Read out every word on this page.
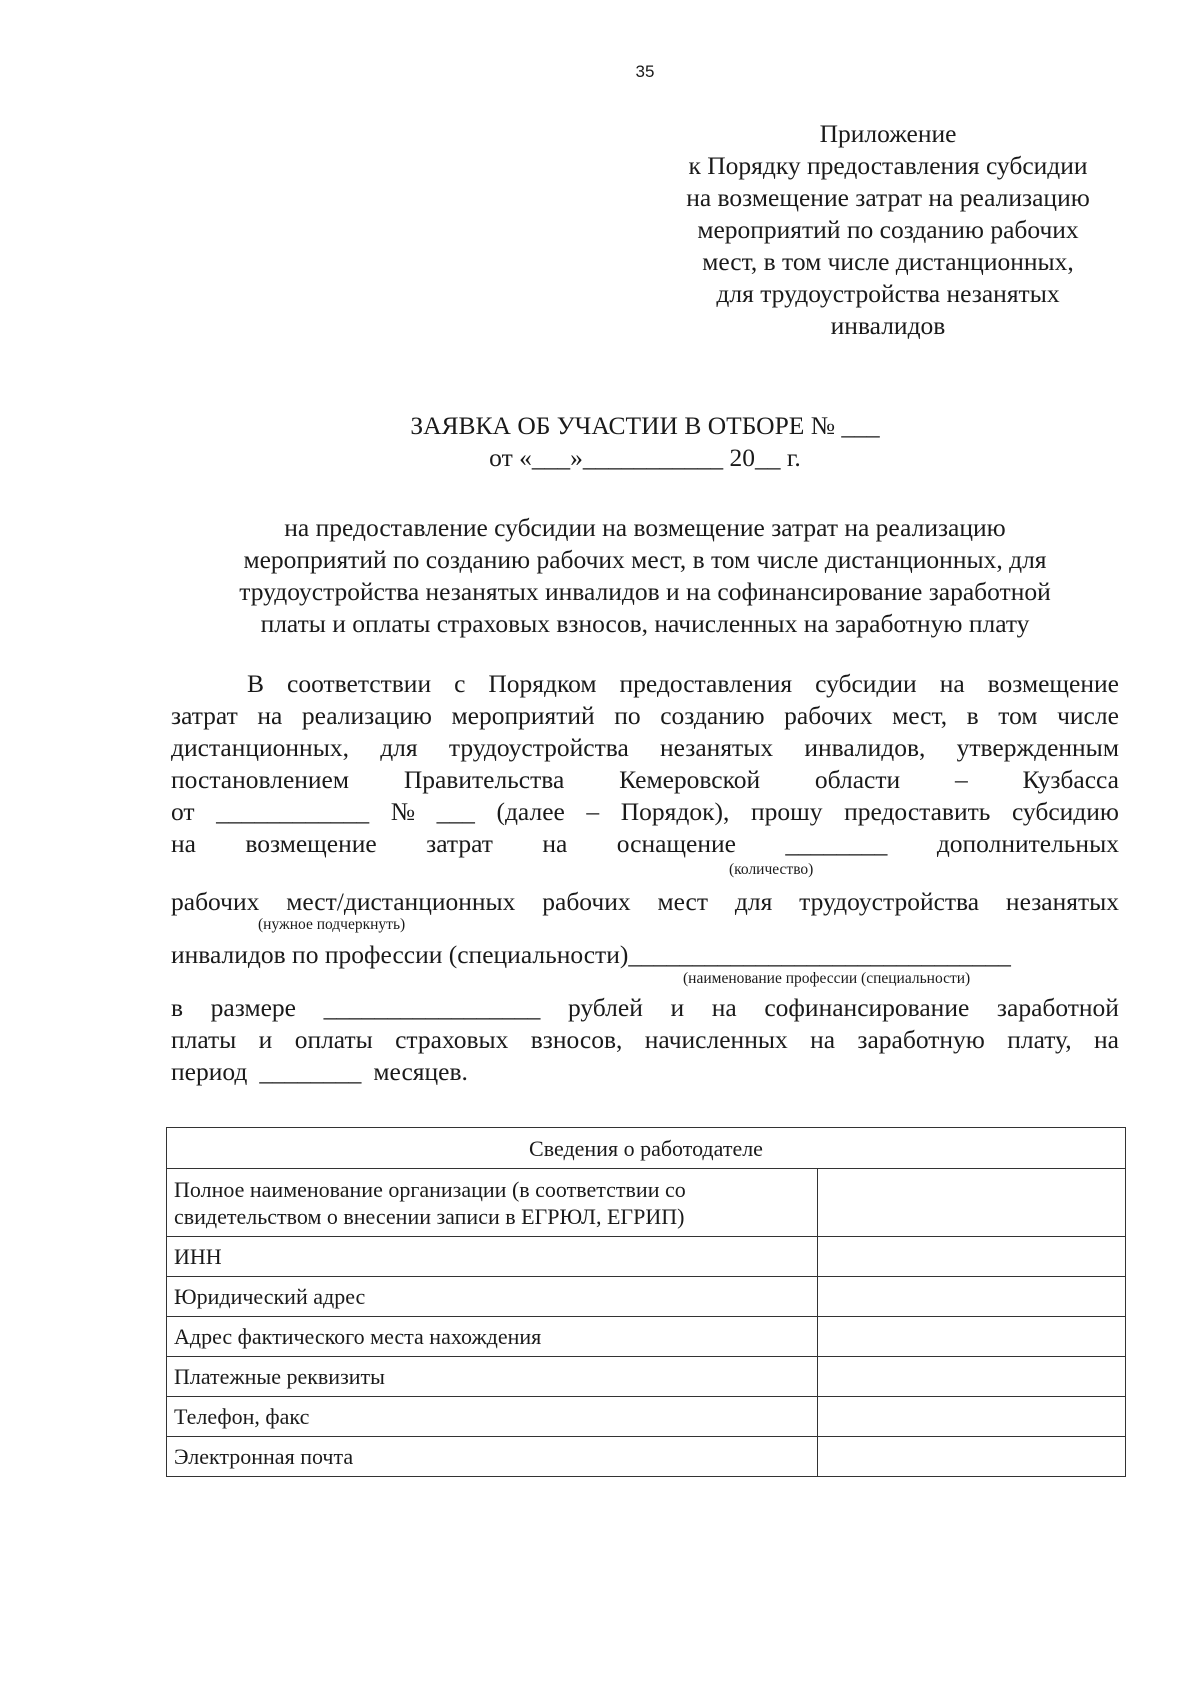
35
Приложение
к Порядку предоставления субсидии
на возмещение затрат на реализацию
мероприятий по созданию рабочих
мест, в том числе дистанционных,
для трудоустройства незанятых
инвалидов
ЗАЯВКА ОБ УЧАСТИИ В ОТБОРЕ № ___
от «___»___________ 20__ г.
на предоставление субсидии на возмещение затрат на реализацию
мероприятий по созданию рабочих мест, в том числе дистанционных, для
трудоустройства незанятых инвалидов и на софинансирование заработной
платы и оплаты страховых взносов, начисленных на заработную плату
В соответствии с Порядком предоставления субсидии на возмещение
затрат на реализацию мероприятий по созданию рабочих мест, в том числе
дистанционных, для трудоустройства незанятых инвалидов, утвержденным
постановлением Правительства Кемеровской области – Кузбасса
от ____________ № ___ (далее – Порядок), прошу предоставить субсидию
на возмещение затрат на оснащение ________ дополнительных
(количество)
рабочих мест/дистанционных рабочих мест для трудоустройства незанятых
(нужное подчеркнуть)
инвалидов по профессии (специальности)______________________________
(наименование профессии (специальности)
в размере _________________ рублей и на софинансирование заработной
платы и оплаты страховых взносов, начисленных на заработную плату, на
период ________ месяцев.
Сведения о работодателе	
Полное наименование организации (в соответствии со свидетельством о внесении записи в ЕГРЮЛ, ЕГРИП)	
ИНН	
Юридический адрес	
Адрес фактического места нахождения	
Платежные реквизиты	
Телефон, факс	
Электронная почта	
